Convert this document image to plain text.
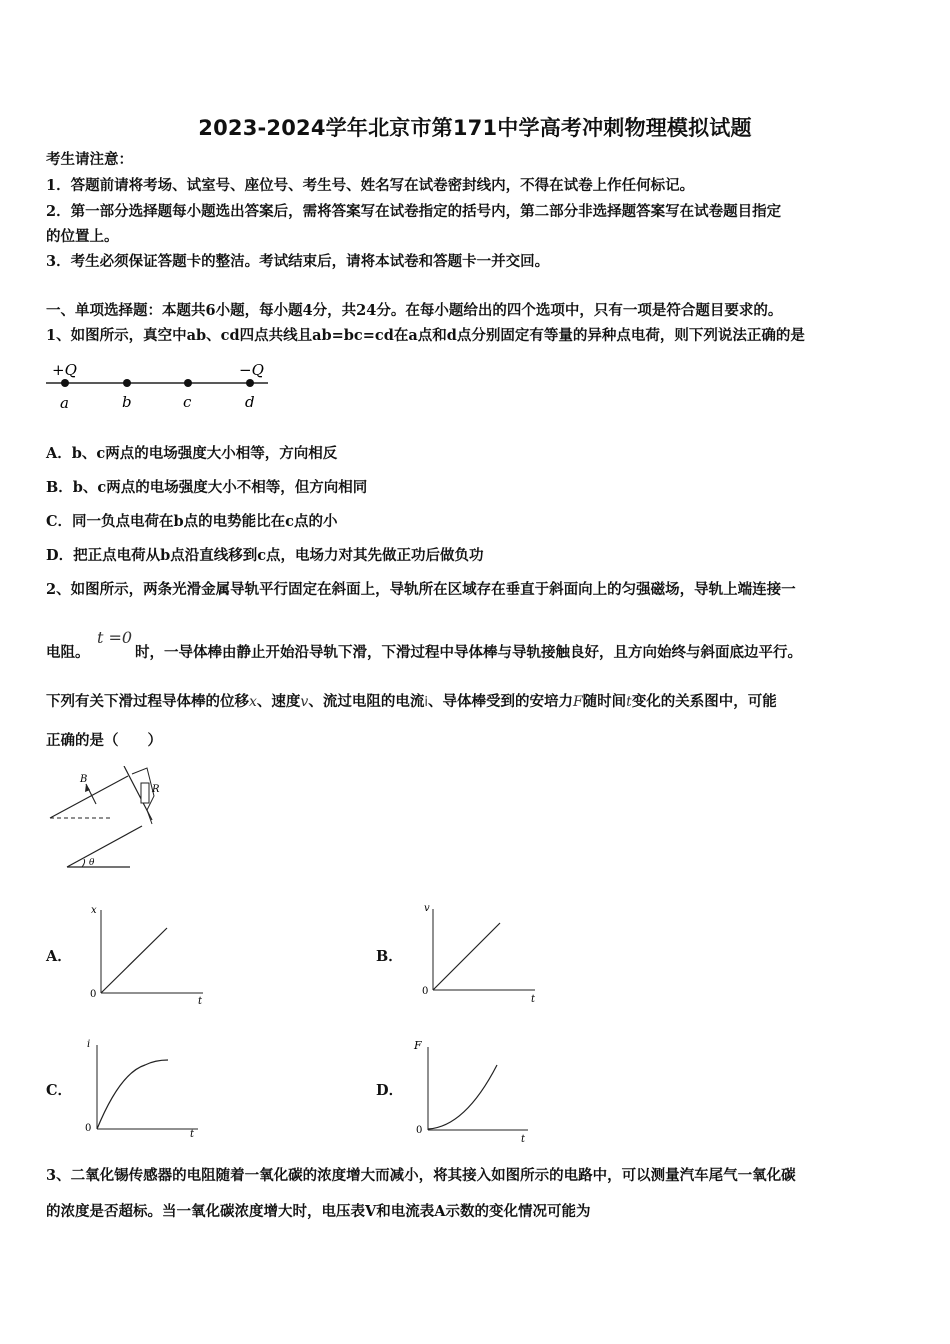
2023-2024学年北京市第171中学高考冲刺物理模拟试题
考生请注意：
1．答题前请将考场、试室号、座位号、考生号、姓名写在试卷密封线内，不得在试卷上作任何标记。
2．第一部分选择题每小题选出答案后，需将答案写在试卷指定的括号内，第二部分非选择题答案写在试卷题目指定
的位置上。
3．考生必须保证答题卡的整洁。考试结束后，请将本试卷和答题卡一并交回。
一、单项选择题：本题共6小题，每小题4分，共24分。在每小题给出的四个选项中，只有一项是符合题目要求的。
1、如图所示，真空中ab、cd四点共线且ab=bc=cd在a点和d点分别固定有等量的异种点电荷，则下列说法正确的是
+Q	−Q
a	b	c	d
A．b、c两点的电场强度大小相等，方向相反
B．b、c两点的电场强度大小不相等，但方向相同
C．同一负点电荷在b点的电势能比在c点的小
D．把正点电荷从b点沿直线移到c点，电场力对其先做正功后做负功
2、如图所示，两条光滑金属导轨平行固定在斜面上，导轨所在区域存在垂直于斜面向上的匀强磁场，导轨上端连接一
电阻。
t =0
时，一导体棒由静止开始沿导轨下滑，下滑过程中导体棒与导轨接触良好，且方向始终与斜面底边平行。
下列有关下滑过程导体棒的位移x、速度v、流过电阻的电流i、导体棒受到的安培力F随时间t变化的关系图中，可能
正确的是（　　）
R
B
θ
A．
x
t
0
B．
v
t
0
C．
i
t
0
D．
F
t
0
3、二氧化锡传感器的电阻随着一氧化碳的浓度增大而减小，将其接入如图所示的电路中，可以测量汽车尾气一氧化碳
的浓度是否超标。当一氧化碳浓度增大时，电压表V和电流表A示数的变化情况可能为
